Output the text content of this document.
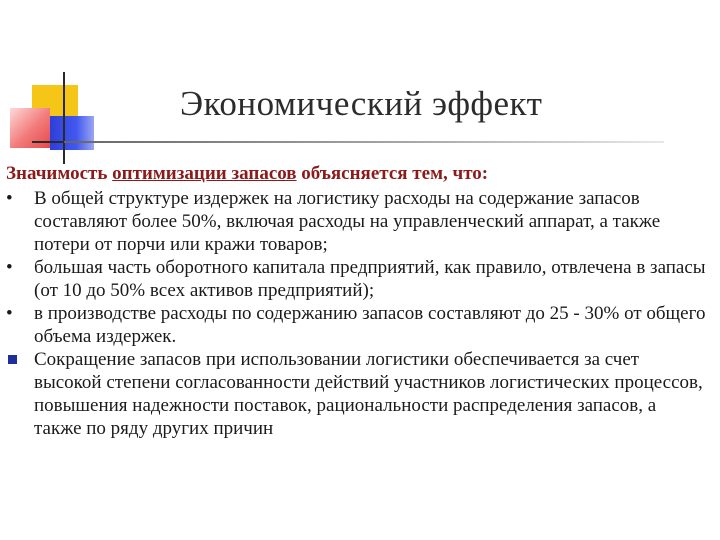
Экономический эффект

Значимость оптимизации запасов объясняется тем, что:

• В общей структуре издержек на логистику расходы на содержание запасов составляют более 50%, включая расходы на управленческий аппарат, а также потери от порчи или кражи товаров;

• большая часть оборотного капитала предприятий, как правило, отвлечена в запасы (от 10 до 50% всех активов предприятий);

• в производстве расходы по содержанию запасов составляют до 25 - 30% от общего объема издержек.

Сокращение запасов при использовании логистики обеспечивается за счет высокой степени согласованности действий участников логистических процессов, повышения надежности поставок, рациональности распределения запасов, а также по ряду других причин
